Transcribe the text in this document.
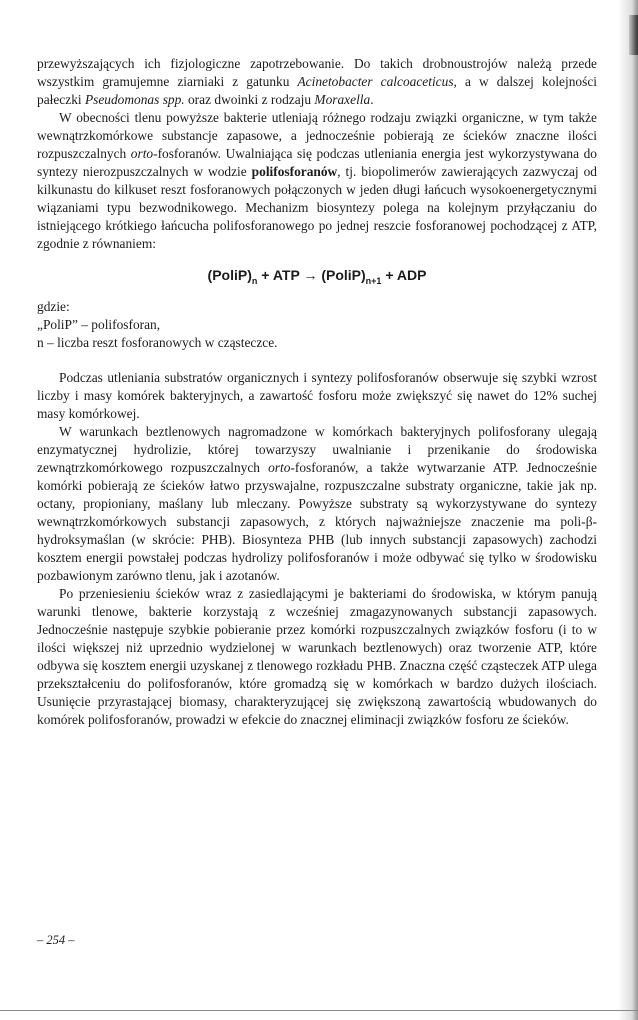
przewyższających ich fizjologiczne zapotrzebowanie. Do takich drobnoustrojów należą przede wszystkim gramujemne ziarniaki z gatunku Acinetobacter calcoaceticus, a w dalszej kolejności pałeczki Pseudomonas spp. oraz dwoinki z rodzaju Moraxella.

W obecności tlenu powyższe bakterie utleniają różnego rodzaju związki organiczne, w tym także wewnątrzkomórkowe substancje zapasowe, a jednocześnie pobierają ze ścieków znaczne ilości rozpuszczalnych orto-fosforanów. Uwalniająca się podczas utleniania energia jest wykorzystywana do syntezy nierozpuszczalnych w wodzie polifosforanów, tj. biopolimerów zawierających zazwyczaj od kilkunastu do kilkuset reszt fosforanowych połączonych w jeden długi łańcuch wysokoenergetycznymi wiązaniami typu bezwodnikowego. Mechanizm biosyntezy polega na kolejnym przyłączaniu do istniejącego krótkiego łańcucha polifosforanowego po jednej reszcie fosforanowej pochodzącej z ATP, zgodnie z równaniem:

$(PoliP)_n$ + ATP → $(PoliP)_{n+1}$ + ADP

gdzie:

„PoliP” – polifosforan,

n – liczba reszt fosforanowych w cząsteczce.

Podczas utleniania substratów organicznych i syntezy polifosforanów obserwuje się szybki wzrost liczby i masy komórek bakteryjnych, a zawartość fosforu może zwiększyć się nawet do 12% suchej masy komórkowej.

W warunkach beztlenowych nagromadzone w komórkach bakteryjnych polifosforany ulegają enzymatycznej hydrolizie, której towarzyszy uwalnianie i przenikanie do środowiska zewnątrzkomórkowego rozpuszczalnych orto-fosforanów, a także wytwarzanie ATP. Jednocześnie komórki pobierają ze ścieków łatwo przyswajalne, rozpuszczalne substraty organiczne, takie jak np. octany, propioniany, maślany lub mleczany. Powyższe substraty są wykorzystywane do syntezy wewnątrzkomórkowych substancji zapasowych, z których najważniejsze znaczenie ma poli-β-hydroksymaślan (w skrócie: PHB). Biosynteza PHB (lub innych substancji zapasowych) zachodzi kosztem energii powstałej podczas hydrolizy polifosforanów i może odbywać się tylko w środowisku pozbawionym zarówno tlenu, jak i azotanów.

Po przeniesieniu ścieków wraz z zasiedlającymi je bakteriami do środowiska, w którym panują warunki tlenowe, bakterie korzystają z wcześniej zmagazynowanych substancji zapasowych. Jednocześnie następuje szybkie pobieranie przez komórki rozpuszczalnych związków fosforu (i to w ilości większej niż uprzednio wydzielonej w warunkach beztlenowych) oraz tworzenie ATP, które odbywa się kosztem energii uzyskanej z tlenowego rozkładu PHB. Znaczna część cząsteczek ATP ulega przekształceniu do polifosforanów, które gromadzą się w komórkach w bardzo dużych ilościach. Usunięcie przyrastającej biomasy, charakteryzującej się zwiększoną zawartością wbudowanych do komórek polifosforanów, prowadzi w efekcie do znacznej eliminacji związków fosforu ze ścieków.

– 254 –
